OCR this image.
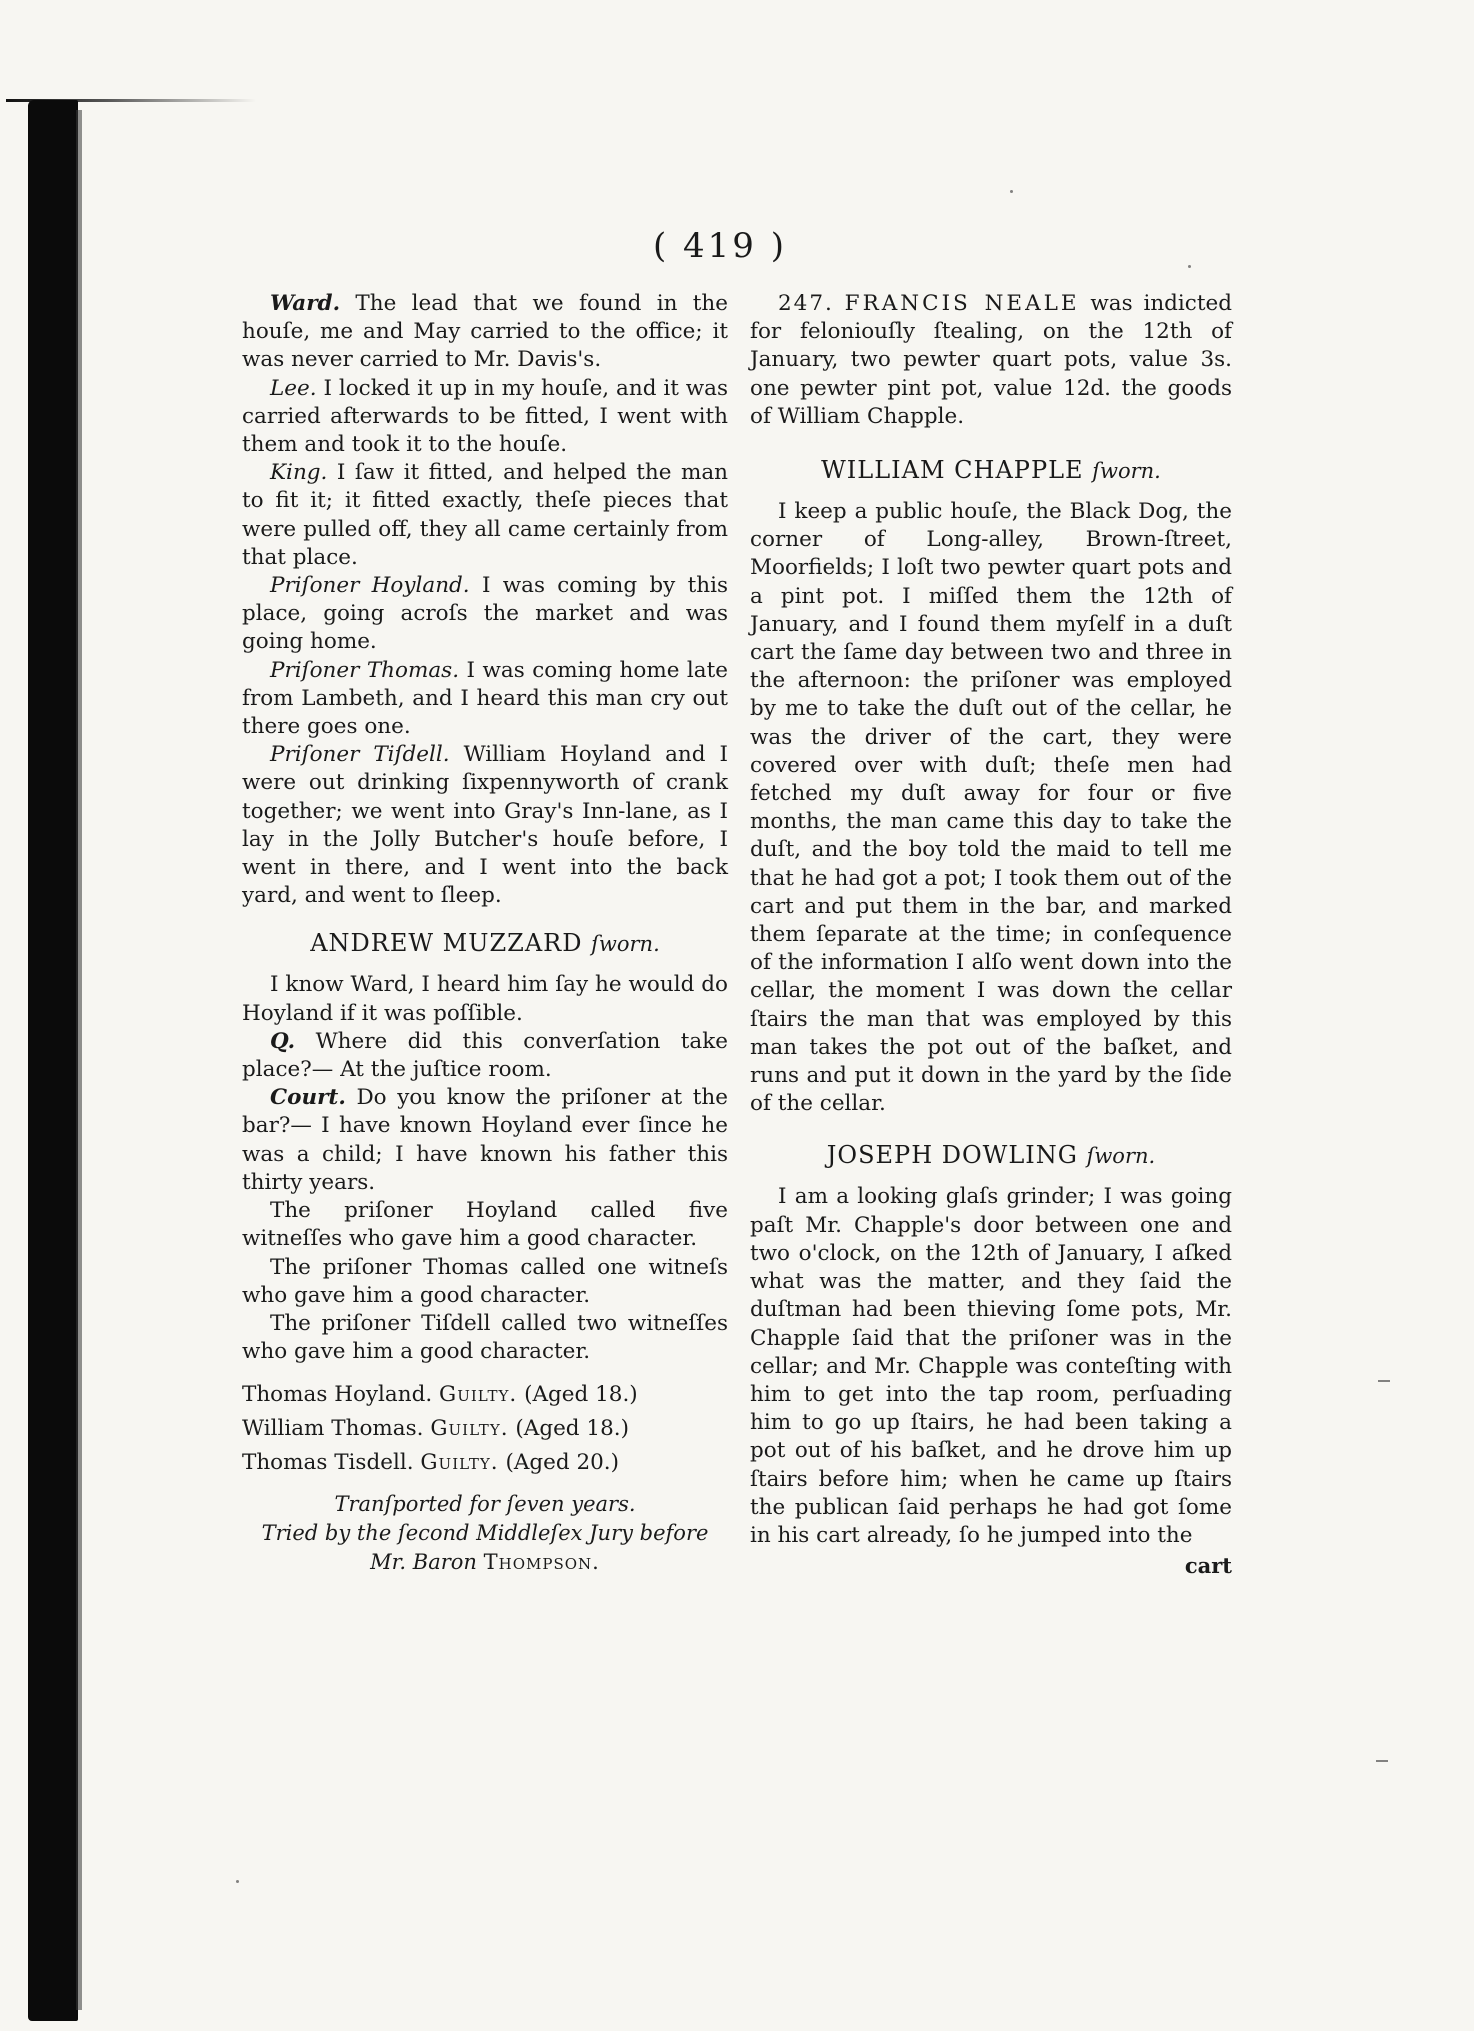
( 419 )

Ward. The lead that we found in the houſe, me and May carried to the office; it was never carried to Mr. Davis's.

Lee. I locked it up in my houſe, and it was carried afterwards to be fitted, I went with them and took it to the houſe.

King. I ſaw it fitted, and helped the man to fit it; it fitted exactly, theſe pieces that were pulled off, they all came certainly from that place.

Priſoner Hoyland. I was coming by this place, going acroſs the market and was going home.

Priſoner Thomas. I was coming home late from Lambeth, and I heard this man cry out there goes one.

Priſoner Tiſdell. William Hoyland and I were out drinking ſixpennyworth of crank together; we went into Gray's Inn-lane, as I lay in the Jolly Butcher's houſe before, I went in there, and I went into the back yard, and went to ſleep.

ANDREW MUZZARD ſworn.

I know Ward, I heard him ſay he would do Hoyland if it was poſſible.

Q. Where did this converſation take place?— At the juſtice room.

Court. Do you know the priſoner at the bar?— I have known Hoyland ever ſince he was a child; I have known his father this thirty years.

The priſoner Hoyland called five witneſſes who gave him a good character.

The priſoner Thomas called one witneſs who gave him a good character.

The priſoner Tiſdell called two witneſſes who gave him a good character.

Thomas Hoyland. Guilty. (Aged 18.)
William Thomas. Guilty. (Aged 18.)
Thomas Tisdell. Guilty. (Aged 20.)

Tranſported for ſeven years.

Tried by the ſecond Middleſex Jury before

Mr. Baron Thompson.

247. FRANCIS NEALE was indicted for feloniouſly ſtealing, on the 12th of January, two pewter quart pots, value 3s. one pewter pint pot, value 12d. the goods of William Chapple.

WILLIAM CHAPPLE ſworn.

I keep a public houſe, the Black Dog, the corner of Long-alley, Brown-ſtreet, Moorfields; I loſt two pewter quart pots and a pint pot. I miſſed them the 12th of January, and I found them myſelf in a duſt cart the ſame day between two and three in the afternoon: the priſoner was employed by me to take the duſt out of the cellar, he was the driver of the cart, they were covered over with duſt; theſe men had fetched my duſt away for four or five months, the man came this day to take the duſt, and the boy told the maid to tell me that he had got a pot; I took them out of the cart and put them in the bar, and marked them ſeparate at the time; in conſequence of the information I alſo went down into the cellar, the moment I was down the cellar ſtairs the man that was employed by this man takes the pot out of the baſket, and runs and put it down in the yard by the ſide of the cellar.

JOSEPH DOWLING ſworn.

I am a looking glaſs grinder; I was going paſt Mr. Chapple's door between one and two o'clock, on the 12th of January, I aſked what was the matter, and they ſaid the duſtman had been thieving ſome pots, Mr. Chapple ſaid that the priſoner was in the cellar; and Mr. Chapple was conteſting with him to get into the tap room, perſuading him to go up ſtairs, he had been taking a pot out of his baſket, and he drove him up ſtairs before him; when he came up ſtairs the publican ſaid perhaps he had got ſome in his cart already, ſo he jumped into the

cart
